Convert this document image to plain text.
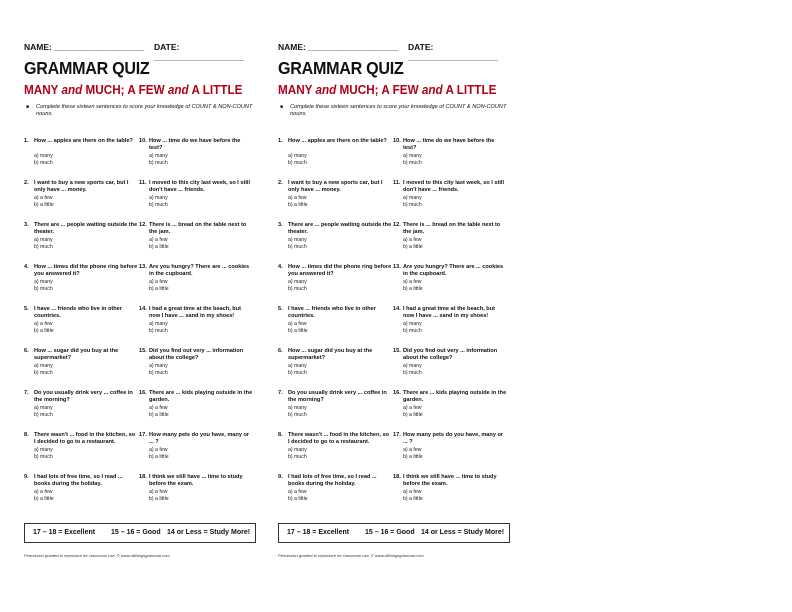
NAME: ___________________ DATE: ___________________
GRAMMAR QUIZ
MANY and MUCH; A FEW and A LITTLE
■ Complete these sixteen sentences to score your knowledge of COUNT & NON-COUNT nouns.
1. How ... apples are there on the table?
a) many
b) much
2. I want to buy a new sports car, but I only have ... money.
a) a few
b) a little
3. There are ... people waiting outside the theater.
a) many
b) much
4. How ... times did the phone ring before you answered it?
a) many
b) much
5. I have ... friends who live in other countries.
a) a few
b) a little
6. How ... sugar did you buy at the supermarket?
a) many
b) much
7. Do you usually drink very ... coffee in the morning?
a) many
b) much
8. There wasn't ... food in the kitchen, so I decided to go to a restaurant.
a) many
b) much
9. I had lots of free time, so I read ... books during the holiday.
a) a few
b) a little
10. How ... time do we have before the test?
a) many
b) much
11. I moved to this city last week, so I still don't have ... friends.
a) many
b) much
12. There is ... bread on the table next to the jam.
a) a few
b) a little
13. Are you hungry? There are ... cookies in the cupboard.
a) a few
b) a little
14. I had a great time at the beach, but now I have ... sand in my shoes!
a) many
b) much
15. Did you find out very ... information about the college?
a) many
b) much
16. There are ... kids playing outside in the garden.
a) a few
b) a little
17. How many pets do you have, many or ... ?
a) a few
b) a little
18. I think we still have ... time to study before the exam.
a) a few
b) a little
17 – 18 = Excellent 15 – 16 = Good 14 or Less = Study More!
Permission granted to reproduce for classroom use. © www.allthingsgrammar.com
NAME: ___________________ DATE: ___________________
GRAMMAR QUIZ
MANY and MUCH; A FEW and A LITTLE
■ Complete these sixteen sentences to score your knowledge of COUNT & NON-COUNT nouns.
1. How ... apples are there on the table?
a) many
b) much
2. I want to buy a new sports car, but I only have ... money.
a) a few
b) a little
3. There are ... people waiting outside the theater.
a) many
b) much
4. How ... times did the phone ring before you answered it?
a) many
b) much
5. I have ... friends who live in other countries.
a) a few
b) a little
6. How ... sugar did you buy at the supermarket?
a) many
b) much
7. Do you usually drink very ... coffee in the morning?
a) many
b) much
8. There wasn't ... food in the kitchen, so I decided to go to a restaurant.
a) many
b) much
9. I had lots of free time, so I read ... books during the holiday.
a) a few
b) a little
10. How ... time do we have before the test?
a) many
b) much
11. I moved to this city last week, so I still don't have ... friends.
a) many
b) much
12. There is ... bread on the table next to the jam.
a) a few
b) a little
13. Are you hungry? There are ... cookies in the cupboard.
a) a few
b) a little
14. I had a great time at the beach, but now I have ... sand in my shoes!
a) many
b) much
15. Did you find out very ... information about the college?
a) many
b) much
16. There are ... kids playing outside in the garden.
a) a few
b) a little
17. How many pets do you have, many or ... ?
a) a few
b) a little
18. I think we still have ... time to study before the exam.
a) a few
b) a little
17 – 18 = Excellent 15 – 16 = Good 14 or Less = Study More!
Permission granted to reproduce for classroom use. © www.allthingsgrammar.com
